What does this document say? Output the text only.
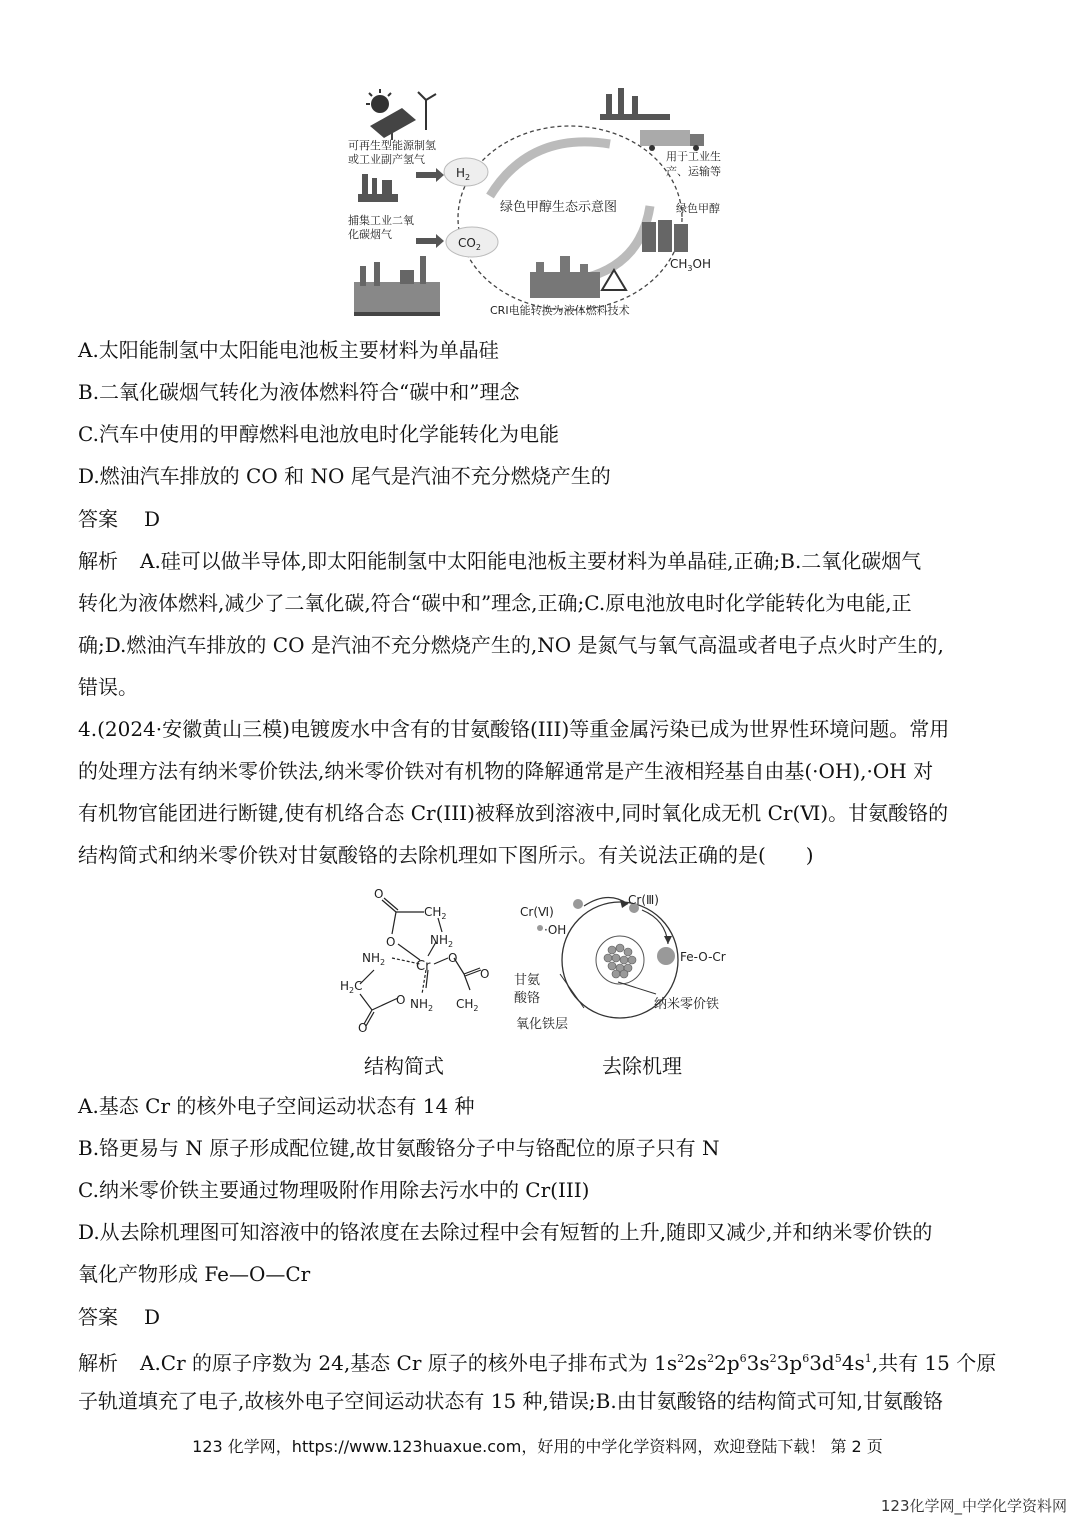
可再生型能源制氢
或工业副产氢气
捕集工业二氧
化碳烟气
$H_2$
$CO_2$
绿色甲醇生态示意图
用于工业生
产、运输等
绿色甲醇
$CH_3OH$
CRI电能转换为液体燃料技术
A.太阳能制氢中太阳能电池板主要材料为单晶硅
B.二氧化碳烟气转化为液体燃料符合“碳中和”理念
C.汽车中使用的甲醇燃料电池放电时化学能转化为电能
D.燃油汽车排放的 CO 和 NO 尾气是汽油不充分燃烧产生的
答案 D
解析 A.硅可以做半导体,即太阳能制氢中太阳能电池板主要材料为单晶硅,正确;B.二氧化碳烟气
转化为液体燃料,减少了二氧化碳,符合“碳中和”理念,正确;C.原电池放电时化学能转化为电能,正
确;D.燃油汽车排放的 CO 是汽油不充分燃烧产生的,NO 是氮气与氧气高温或者电子点火时产生的,
错误。
4.(2024·安徽黄山三模)电镀废水中含有的甘氨酸铬(III)等重金属污染已成为世界性环境问题。常用
的处理方法有纳米零价铁法,纳米零价铁对有机物的降解通常是产生液相羟基自由基(·OH),·OH 对
有机物官能团进行断键,使有机络合态 Cr(III)被释放到溶液中,同时氧化成无机 Cr(Ⅵ)。甘氨酸铬的
结构简式和纳米零价铁对甘氨酸铬的去除机理如下图所示。有关说法正确的是(　　)
O
$CH_2$
O	$NH_2$
$NH_2$ Cr
O
O
$H_2C$
O $NH_2$ $CH_2$
O
Cr(Ⅵ)
Cr(Ⅲ)
·OH
Fe-O-Cr
甘氨
酸铬	纳米零价铁
氧化铁层
结构简式	去除机理
A.基态 Cr 的核外电子空间运动状态有 14 种
B.铬更易与 N 原子形成配位键,故甘氨酸铬分子中与铬配位的原子只有 N
C.纳米零价铁主要通过物理吸附作用除去污水中的 Cr(III)
D.从去除机理图可知溶液中的铬浓度在去除过程中会有短暂的上升,随即又减少,并和纳米零价铁的
氧化产物形成 Fe—O—Cr
答案 D
解析 A.Cr 的原子序数为 24,基态 Cr 原子的核外电子排布式为 $1s^22s^22p^63s^23p^63d^54s^1$,共有 15 个原
子轨道填充了电子,故核外电子空间运动状态有 15 种,错误;B.由甘氨酸铬的结构简式可知,甘氨酸铬
123 化学网，https://www.123huaxue.com，好用的中学化学资料网，欢迎登陆下载！ 第 2 页
123化学网_中学化学资料网
